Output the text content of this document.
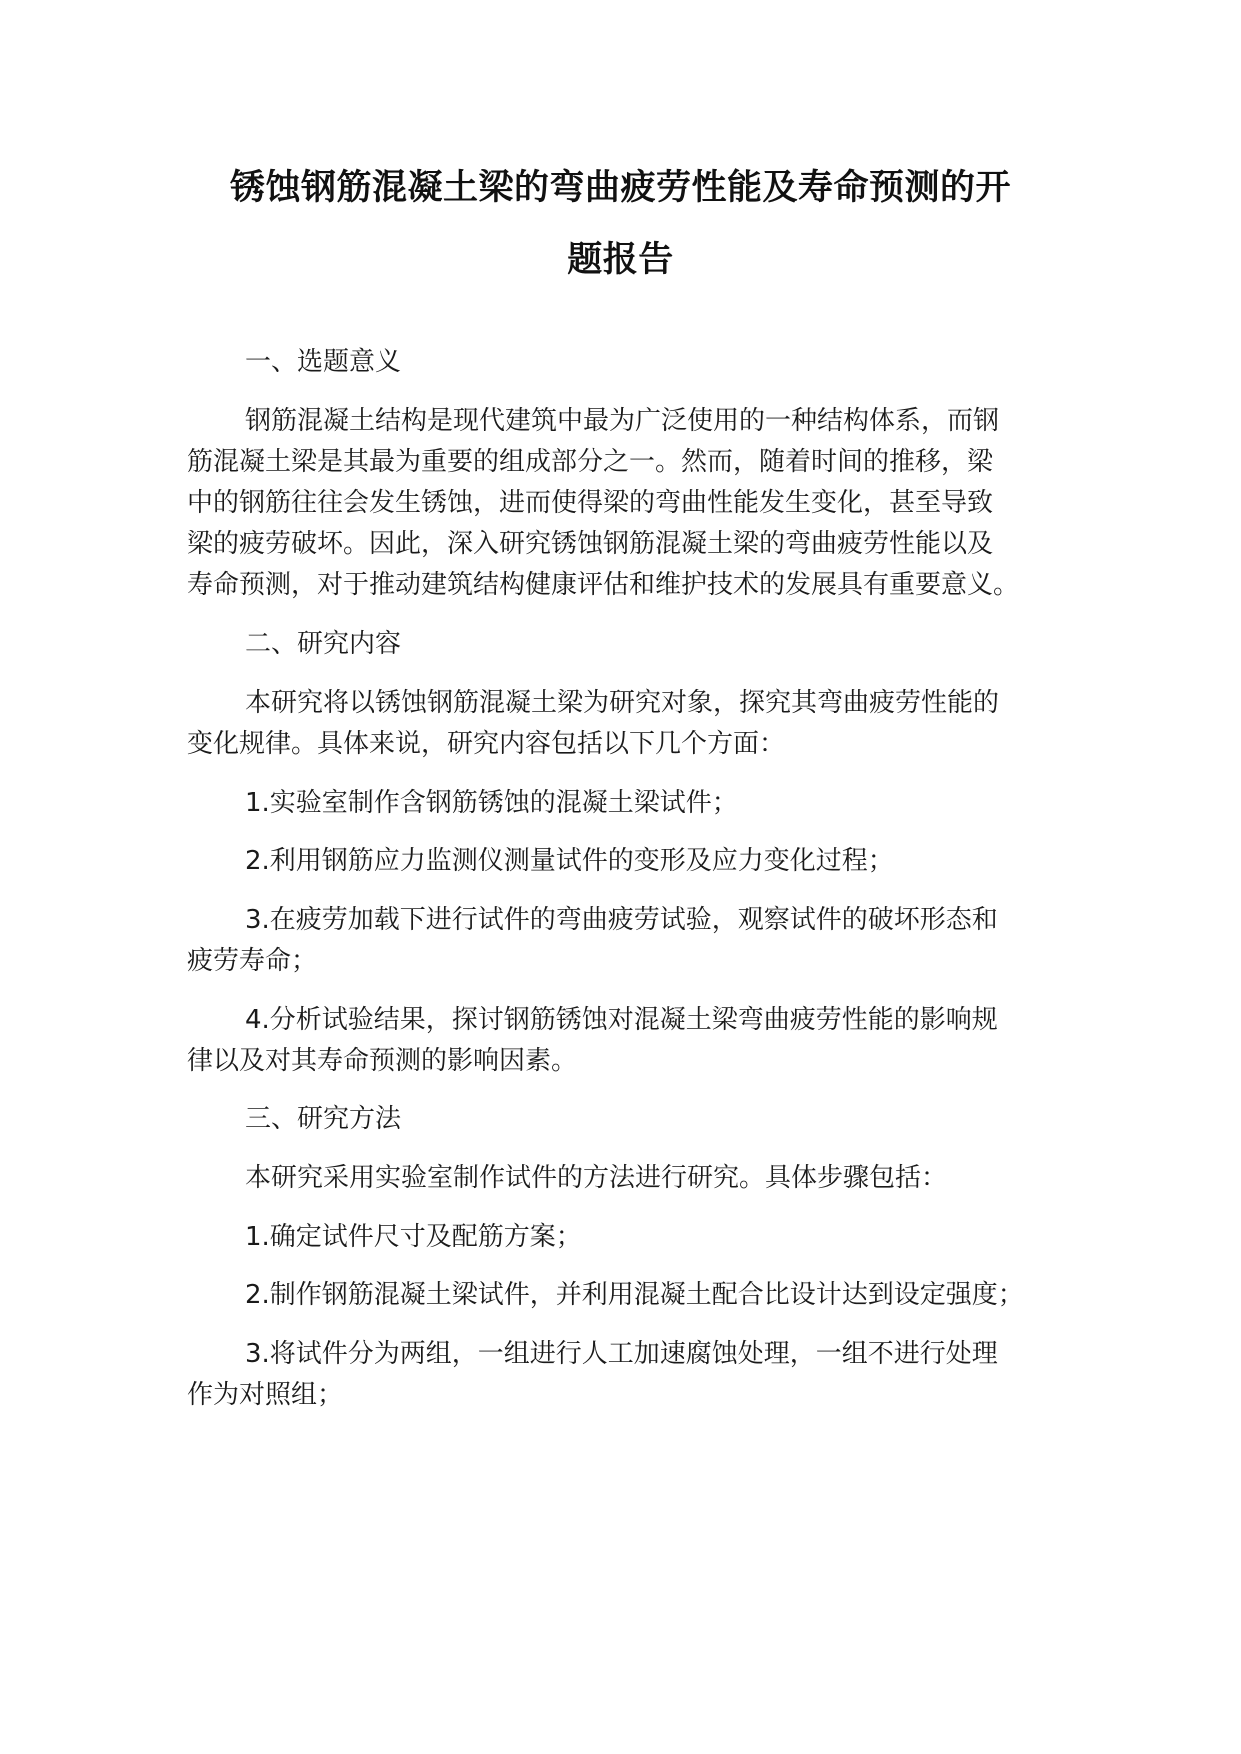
锈蚀钢筋混凝土梁的弯曲疲劳性能及寿命预测的开
题报告
一、选题意义
钢筋混凝土结构是现代建筑中最为广泛使用的一种结构体系，而钢
筋混凝土梁是其最为重要的组成部分之一。然而，随着时间的推移，梁
中的钢筋往往会发生锈蚀，进而使得梁的弯曲性能发生变化，甚至导致
梁的疲劳破坏。因此，深入研究锈蚀钢筋混凝土梁的弯曲疲劳性能以及
寿命预测，对于推动建筑结构健康评估和维护技术的发展具有重要意义。
二、研究内容
本研究将以锈蚀钢筋混凝土梁为研究对象，探究其弯曲疲劳性能的
变化规律。具体来说，研究内容包括以下几个方面：
1.实验室制作含钢筋锈蚀的混凝土梁试件；
2.利用钢筋应力监测仪测量试件的变形及应力变化过程；
3.在疲劳加载下进行试件的弯曲疲劳试验，观察试件的破坏形态和
疲劳寿命；
4.分析试验结果，探讨钢筋锈蚀对混凝土梁弯曲疲劳性能的影响规
律以及对其寿命预测的影响因素。
三、研究方法
本研究采用实验室制作试件的方法进行研究。具体步骤包括：
1.确定试件尺寸及配筋方案；
2.制作钢筋混凝土梁试件，并利用混凝土配合比设计达到设定强度；
3.将试件分为两组，一组进行人工加速腐蚀处理，一组不进行处理
作为对照组；
